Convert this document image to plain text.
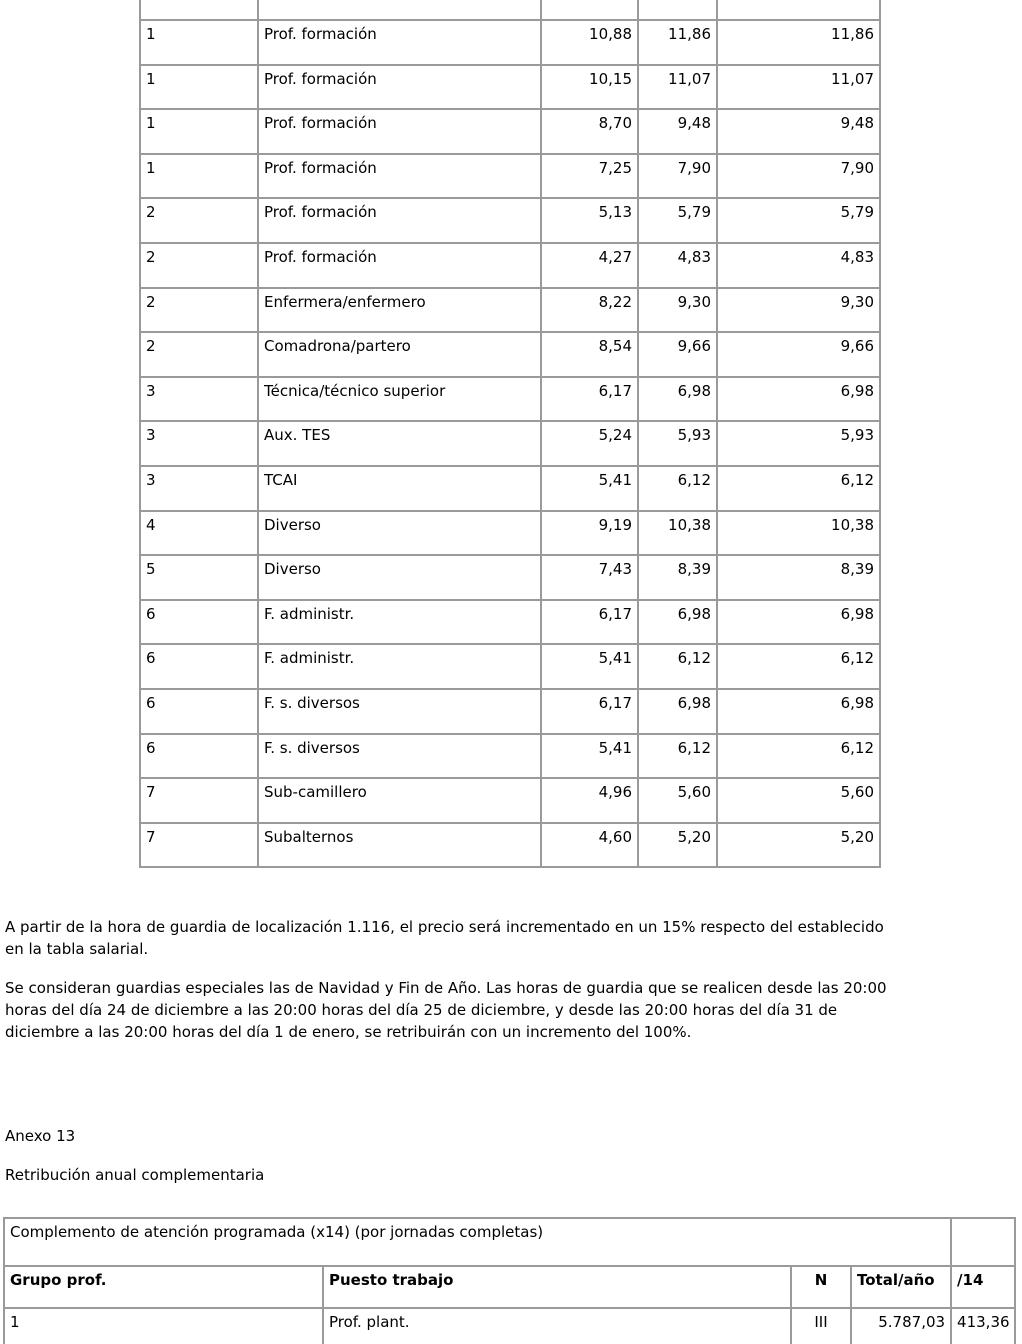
1	Prof. formación	10,88	11,86	11,86
1	Prof. formación	10,15	11,07	11,07
1	Prof. formación	8,70	9,48	9,48
1	Prof. formación	7,25	7,90	7,90
2	Prof. formación	5,13	5,79	5,79
2	Prof. formación	4,27	4,83	4,83
2	Enfermera/enfermero	8,22	9,30	9,30
2	Comadrona/partero	8,54	9,66	9,66
3	Técnica/técnico superior	6,17	6,98	6,98
3	Aux. TES	5,24	5,93	5,93
3	TCAI	5,41	6,12	6,12
4	Diverso	9,19	10,38	10,38
5	Diverso	7,43	8,39	8,39
6	F. administr.	6,17	6,98	6,98
6	F. administr.	5,41	6,12	6,12
6	F. s. diversos	6,17	6,98	6,98
6	F. s. diversos	5,41	6,12	6,12
7	Sub-camillero	4,96	5,60	5,60
7	Subalternos	4,60	5,20	5,20

A partir de la hora de guardia de localización 1.116, el precio será incrementado en un 15% respecto del establecido en la tabla salarial.

Se consideran guardias especiales las de Navidad y Fin de Año. Las horas de guardia que se realicen desde las 20:00 horas del día 24 de diciembre a las 20:00 horas del día 25 de diciembre, y desde las 20:00 horas del día 31 de diciembre a las 20:00 horas del día 1 de enero, se retribuirán con un incremento del 100%.

Anexo 13

Retribución anual complementaria

Complemento de atención programada (x14) (por jornadas completas)				
Grupo prof.	Puesto trabajo	N	Total/año	/14
1	Prof. plant.	III	5.787,03	413,36
